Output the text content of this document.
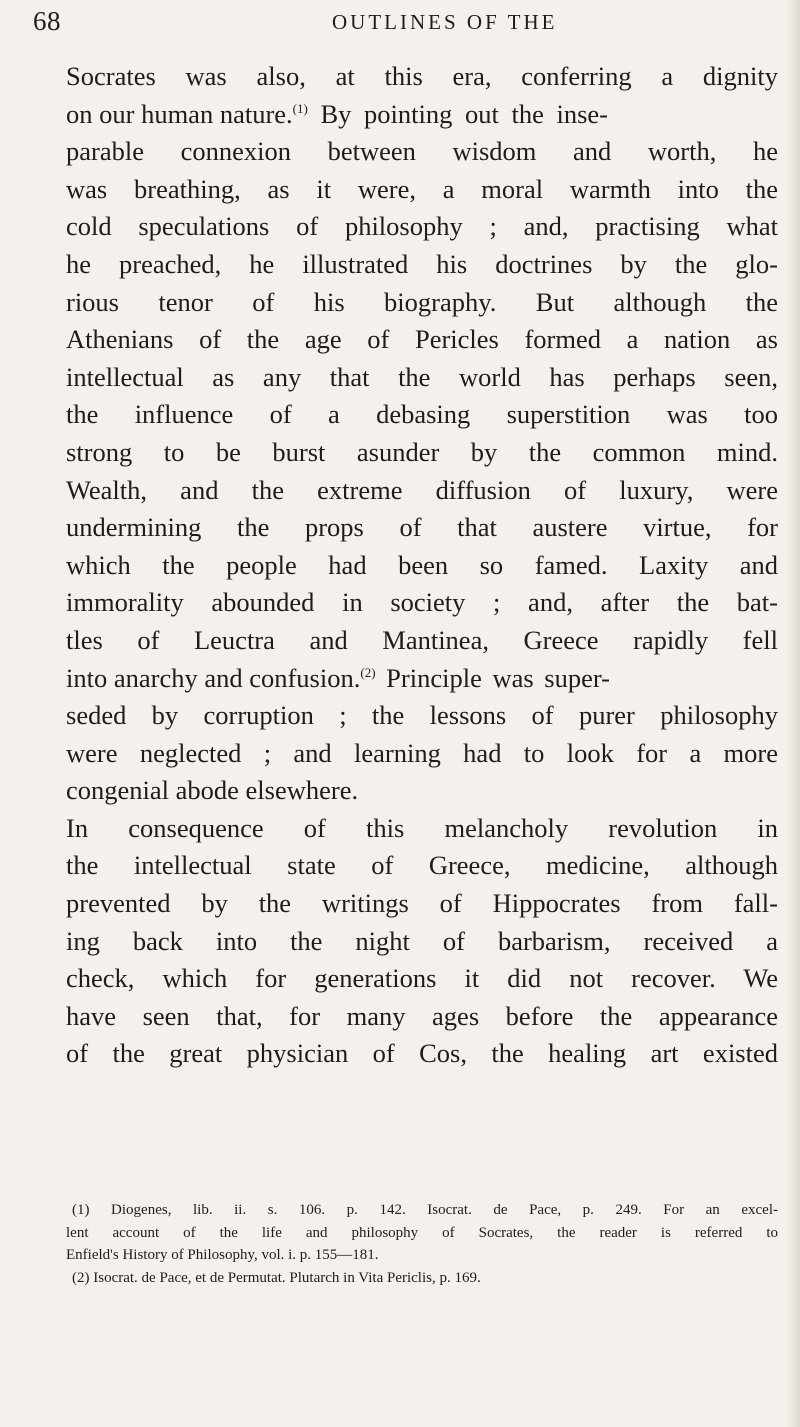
68	OUTLINES OF THE
Socrates was also, at this era, conferring a dignity
on our human nature.$^{(1)}$ By pointing out the inse-
parable connexion between wisdom and worth, he
was breathing, as it were, a moral warmth into the
cold speculations of philosophy ; and, practising what
he preached, he illustrated his doctrines by the glo-
rious tenor of his biography. But although the
Athenians of the age of Pericles formed a nation as
intellectual as any that the world has perhaps seen,
the influence of a debasing superstition was too
strong to be burst asunder by the common mind.
Wealth, and the extreme diffusion of luxury, were
undermining the props of that austere virtue, for
which the people had been so famed. Laxity and
immorality abounded in society ; and, after the bat-
tles of Leuctra and Mantinea, Greece rapidly fell
into anarchy and confusion.$^{(2)}$ Principle was super-
seded by corruption ; the lessons of purer philosophy
were neglected ; and learning had to look for a more
congenial abode elsewhere.
In consequence of this melancholy revolution in
the intellectual state of Greece, medicine, although
prevented by the writings of Hippocrates from fall-
ing back into the night of barbarism, received a
check, which for generations it did not recover. We
have seen that, for many ages before the appearance
of the great physician of Cos, the healing art existed
(1) Diogenes, lib. ii. s. 106. p. 142. Isocrat. de Pace, p. 249. For an excel-
lent account of the life and philosophy of Socrates, the reader is referred to
Enfield's History of Philosophy, vol. i. p. 155—181.
(2) Isocrat. de Pace, et de Permutat. Plutarch in Vita Periclis, p. 169.
